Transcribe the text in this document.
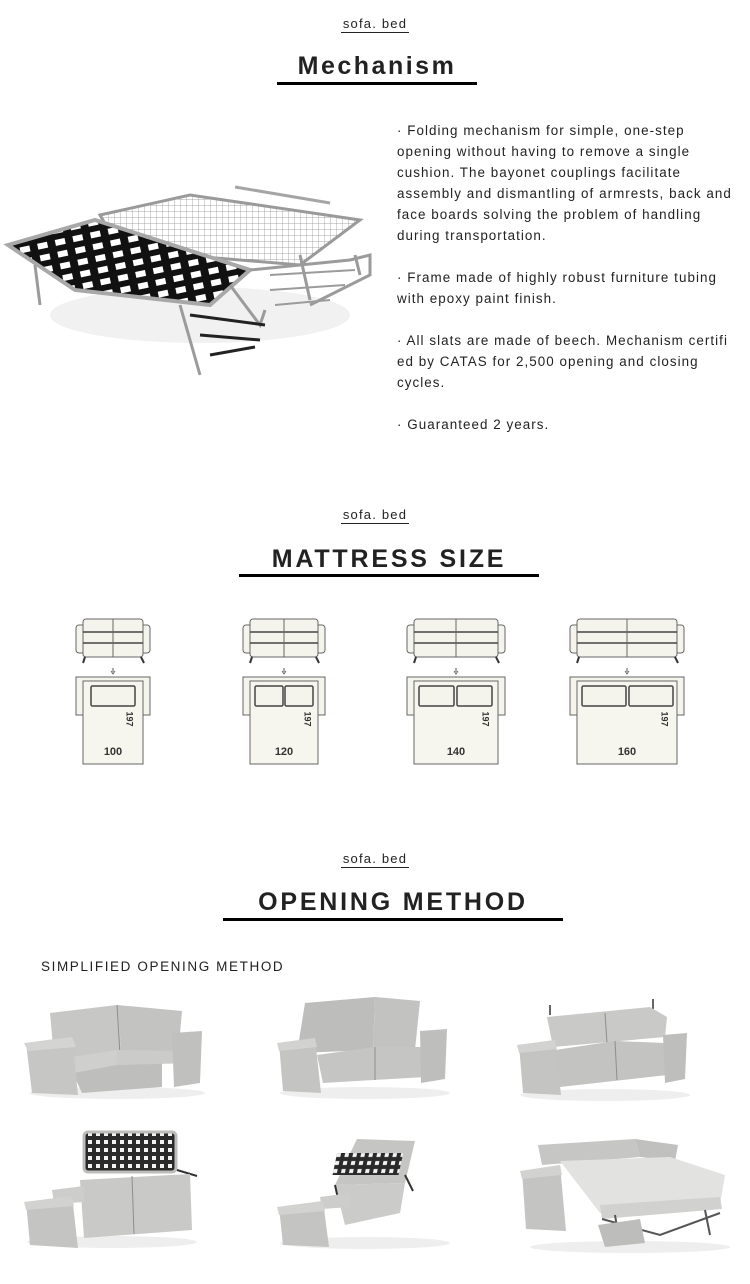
sofa. bed
Mechanism

· Folding mechanism for simple, one-step opening without having to remove a single cushion. The bayonet couplings facilitate assembly and dismantling of armrests, back and face boards solving the problem of handling during transportation.

· Frame made of highly robust furniture tubing with epoxy paint finish.

· All slats are made of beech. Mechanism certifi ed by CATAS for 2,500 opening and closing cycles.

· Guaranteed 2 years.

sofa. bed
MATTRESS SIZE
197
100
197
120
197
140
197
160
sofa. bed
OPENING METHOD
SIMPLIFIED OPENING METHOD
